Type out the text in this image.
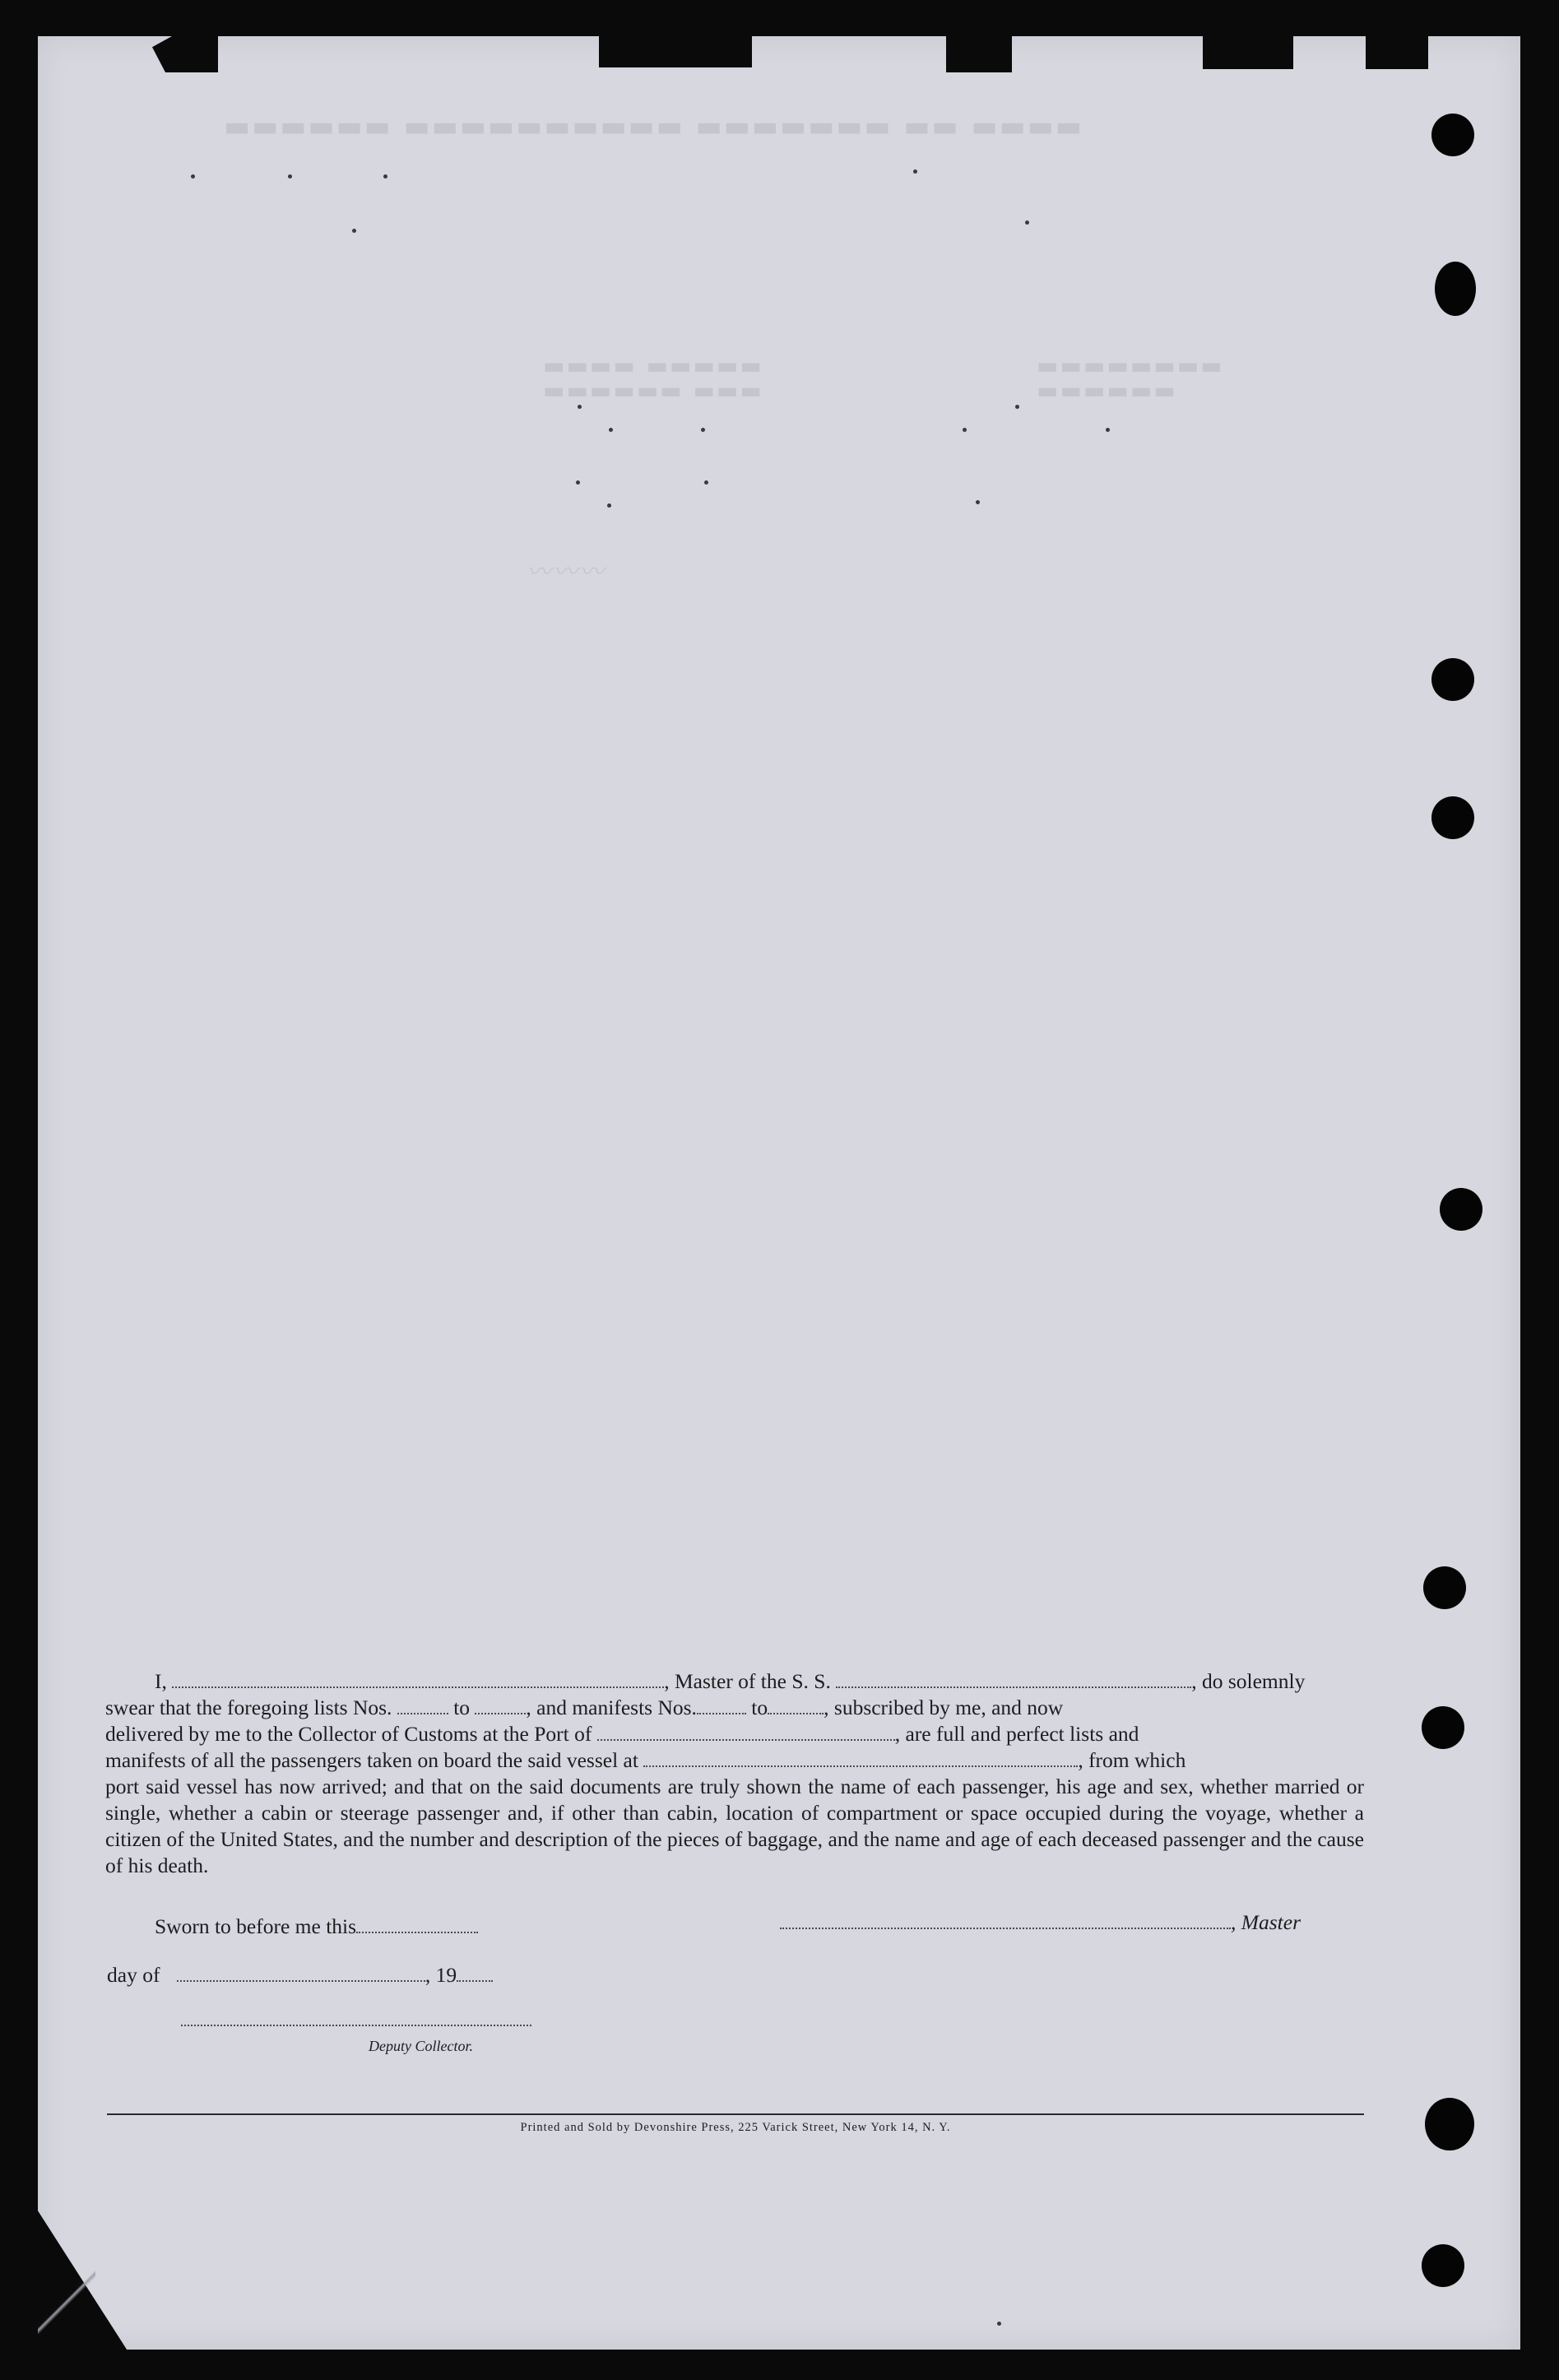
▬▬▬▬ ▬▬ ▬▬▬▬▬▬▬ ▬▬▬▬▬▬▬▬▬▬ ▬▬▬▬▬▬
▬▬▬▬ ▬▬▬▬▬
▬▬▬▬▬▬ ▬▬▬
▬▬▬▬▬▬▬▬
▬▬▬▬▬▬
〰〰〰
I,	, Master of the S. S.	, do solemnly
swear that the foregoing lists Nos.	to	, and manifests Nos.	to	, subscribed by me, and now
delivered by me to the Collector of Customs at the Port of	, are full and perfect lists and
manifests of all the passengers taken on board the said vessel at	, from which
port said vessel has now arrived; and that on the said documents are truly shown the name of each passenger, his age and sex, whether married or single, whether a cabin or steerage passenger and, if other than cabin, location of compartment or space occupied during the voyage, whether a citizen of the United States, and the number and description of the pieces of baggage, and the name and age of each deceased passenger and the cause of his death.
Sworn to before me this	, Master
day of	, 19
Deputy Collector.
Printed and Sold by Devonshire Press, 225 Varick Street, New York 14, N. Y.
